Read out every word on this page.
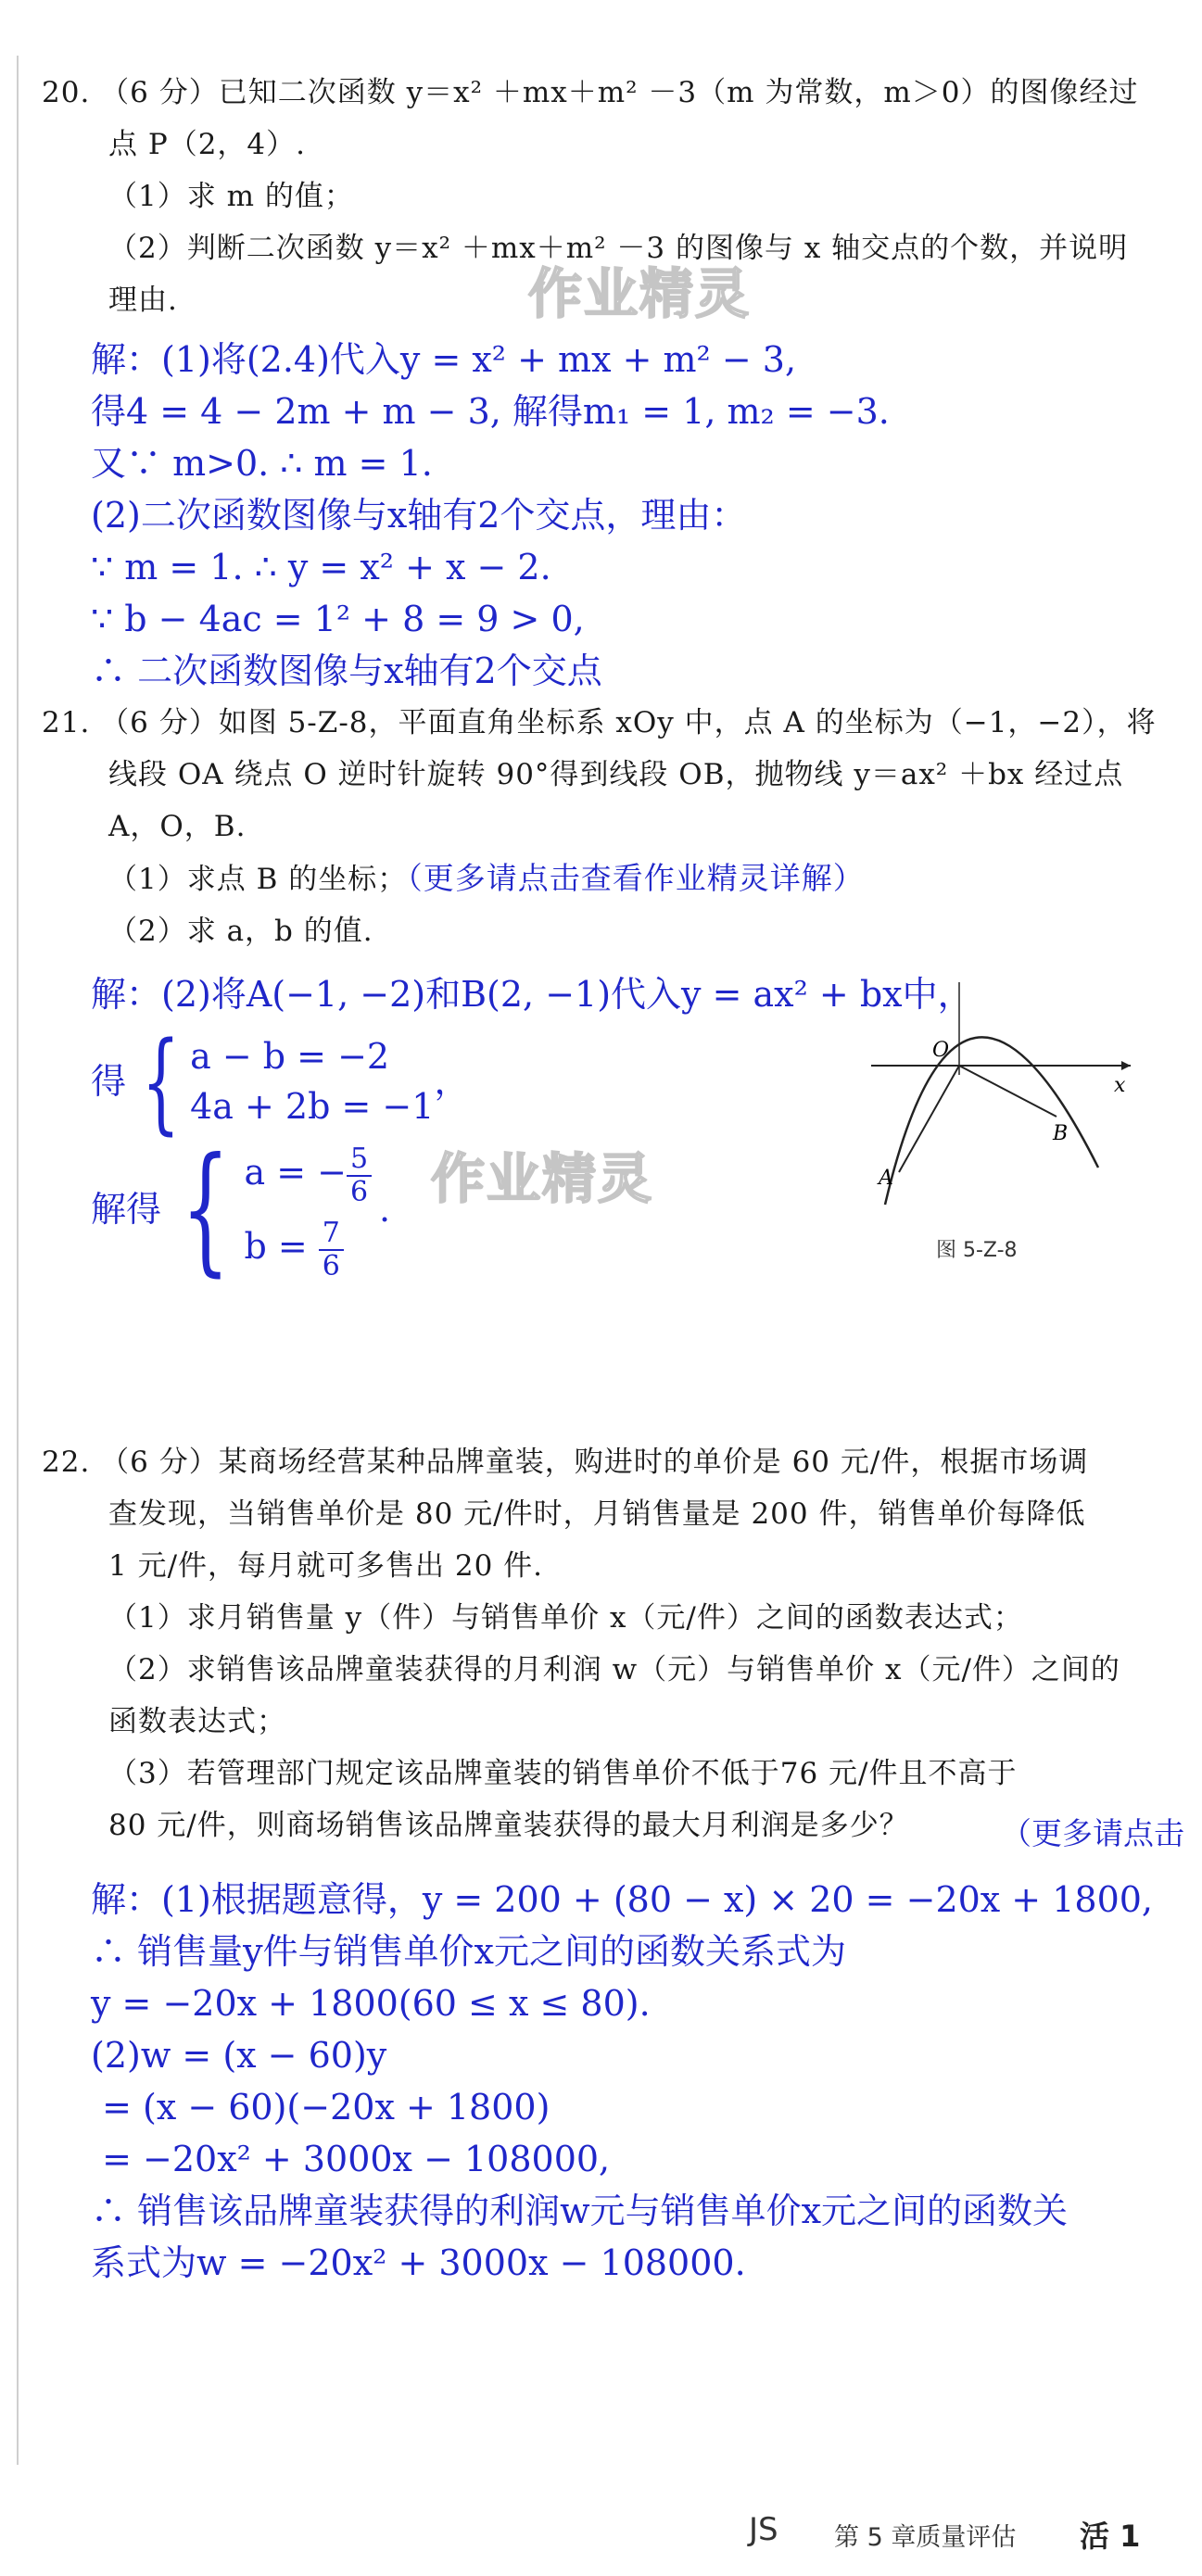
20. （6 分）已知二次函数 y＝x² ＋mx＋m² －3（m 为常数，m＞0）的图像经过
点 P（2，4）.
（1）求 m 的值；
（2）判断二次函数 y＝x² ＋mx＋m² －3 的图像与 x 轴交点的个数，并说明
理由.	作业精灵
解：(1)将(2.4)代入y = x² + mx + m² − 3,
得4 = 4 − 2m + m − 3, 解得m₁ = 1, m₂ = −3.
又∵ m>0. ∴ m = 1.
(2)二次函数图像与x轴有2个交点，理由：
∵ m = 1. ∴ y = x² + x − 2.
∵ b − 4ac = 1² + 8 = 9 > 0,
∴ 二次函数图像与x轴有2个交点
21. （6 分）如图 5-Z-8，平面直角坐标系 xOy 中，点 A 的坐标为（−1，−2），将
线段 OA 绕点 O 逆时针旋转 90°得到线段 OB，抛物线 y＝ax² ＋bx 经过点
A，O，B.
（1）求点 B 的坐标；（更多请点击查看作业精灵详解）
（2）求 a，b 的值.
解：(2)将A(−1, −2)和B(2, −1)代入y = ax² + bx中，
得 { a − b = −2
4a + 2b = −1
，
作业精灵
解得 { a = − $\frac{5}{6}$
$b = \frac{7}{6}$
.
O
x
A
B
图 5-Z-8
22. （6 分）某商场经营某种品牌童装，购进时的单价是 60 元/件，根据市场调
查发现，当销售单价是 80 元/件时，月销售量是 200 件，销售单价每降低
1 元/件，每月就可多售出 20 件.
（1）求月销售量 y（件）与销售单价 x（元/件）之间的函数表达式；
（2）求销售该品牌童装获得的月利润 w（元）与销售单价 x（元/件）之间的
函数表达式；
（3）若管理部门规定该品牌童装的销售单价不低于76 元/件且不高于
80 元/件，则商场销售该品牌童装获得的最大月利润是多少？	（更多请点击
解：(1)根据题意得，y = 200 + (80 − x) × 20 = −20x + 1800,
∴ 销售量y件与销售单价x元之间的函数关系式为
y = −20x + 1800(60 ≤ x ≤ 80).
(2)w = (x − 60)y
= (x − 60)(−20x + 1800)
= −20x² + 3000x − 108000,
∴ 销售该品牌童装获得的利润w元与销售单价x元之间的函数关
系式为w = −20x² + 3000x − 108000.
JS 第 5 章质量评估 活 1
